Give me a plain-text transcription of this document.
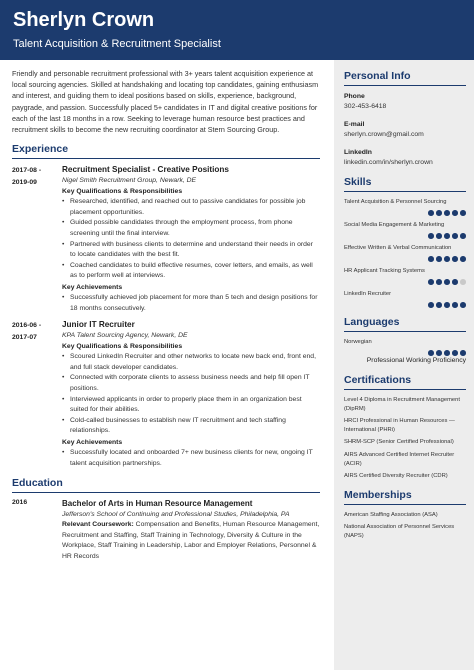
Sherlyn Crown
Talent Acquisition & Recruitment Specialist

Friendly and personable recruitment professional with 3+ years talent acquisition experience at local sourcing agencies. Skilled at handshaking and locating top candidates, gaining enthusiasm and interest, and guiding them to ideal positions based on skills, experience, background, paygrade, and passion. Successfully placed 5+ candidates in IT and digital creative positions for each of the last 18 months in a row. Seeking to leverage human resource best practices and recruitment skills to become the new recruiting coordinator at Stern Sourcing Group.

Experience
2017-08 -
2019-09
Recruitment Specialist - Creative Positions
Nigel Smith Recruitment Group, Newark, DE
Key Qualifications & Responsibilities
• Researched, identified, and reached out to passive candidates for possible job placement opportunities.
• Guided possible candidates through the employment process, from phone screening until the final interview.
• Partnered with business clients to determine and understand their needs in order to locate candidates with the best fit.
• Coached candidates to build effective resumes, cover letters, and emails, as well as to perform well at interviews.
Key Achievements
• Successfully achieved job placement for more than 5 tech and design positions for 18 months consecutively.
2016-06 -
2017-07
Junior IT Recruiter
KPA Talent Sourcing Agency, Newark, DE
Key Qualifications & Responsibilities
• Scoured LinkedIn Recruiter and other networks to locate new back end, front end, and full stack developer candidates.
• Connected with corporate clients to assess business needs and help fill open IT positions.
• Interviewed applicants in order to properly place them in an organization best suited for their abilities.
• Cold-called businesses to establish new IT recruitment and tech staffing relationships.
Key Achievements
• Successfully located and onboarded 7+ new business clients for new, ongoing IT talent acquisition partnerships.
Education
2016	Bachelor of Arts in Human Resource Management
Jefferson's School of Continuing and Professional Studies, Philadelphia, PA
Relevant Coursework: Compensation and Benefits, Human Resource Management, Recruitment and Staffing, Staff Training in Technology, Diversity & Culture in the Workplace, Staff Training in Leadership, Labor and Employer Relations, Personnel & HR Records
Personal Info
Phone
302-453-6418
E-mail
sherlyn.crown@gmail.com
LinkedIn
linkedin.com/in/sherlyn.crown
Skills
Talent Acquisition & Personnel Sourcing
Social Media Engagement & Marketing
Effective Written & Verbal Communication
HR Applicant Tracking Systems
LinkedIn Recruiter
Languages
Norwegian
Professional Working Proficiency
Certifications
Level 4 Diploma in Recruitment Management (DipRM)
HRCI Professional in Human Resources — International (PHRi)
SHRM-SCP (Senior Certified Professional)
AIRS Advanced Certified Internet Recruiter (ACIR)
AIRS Certified Diversity Recruiter (CDR)
Memberships
American Staffing Association (ASA)
National Association of Personnel Services (NAPS)
